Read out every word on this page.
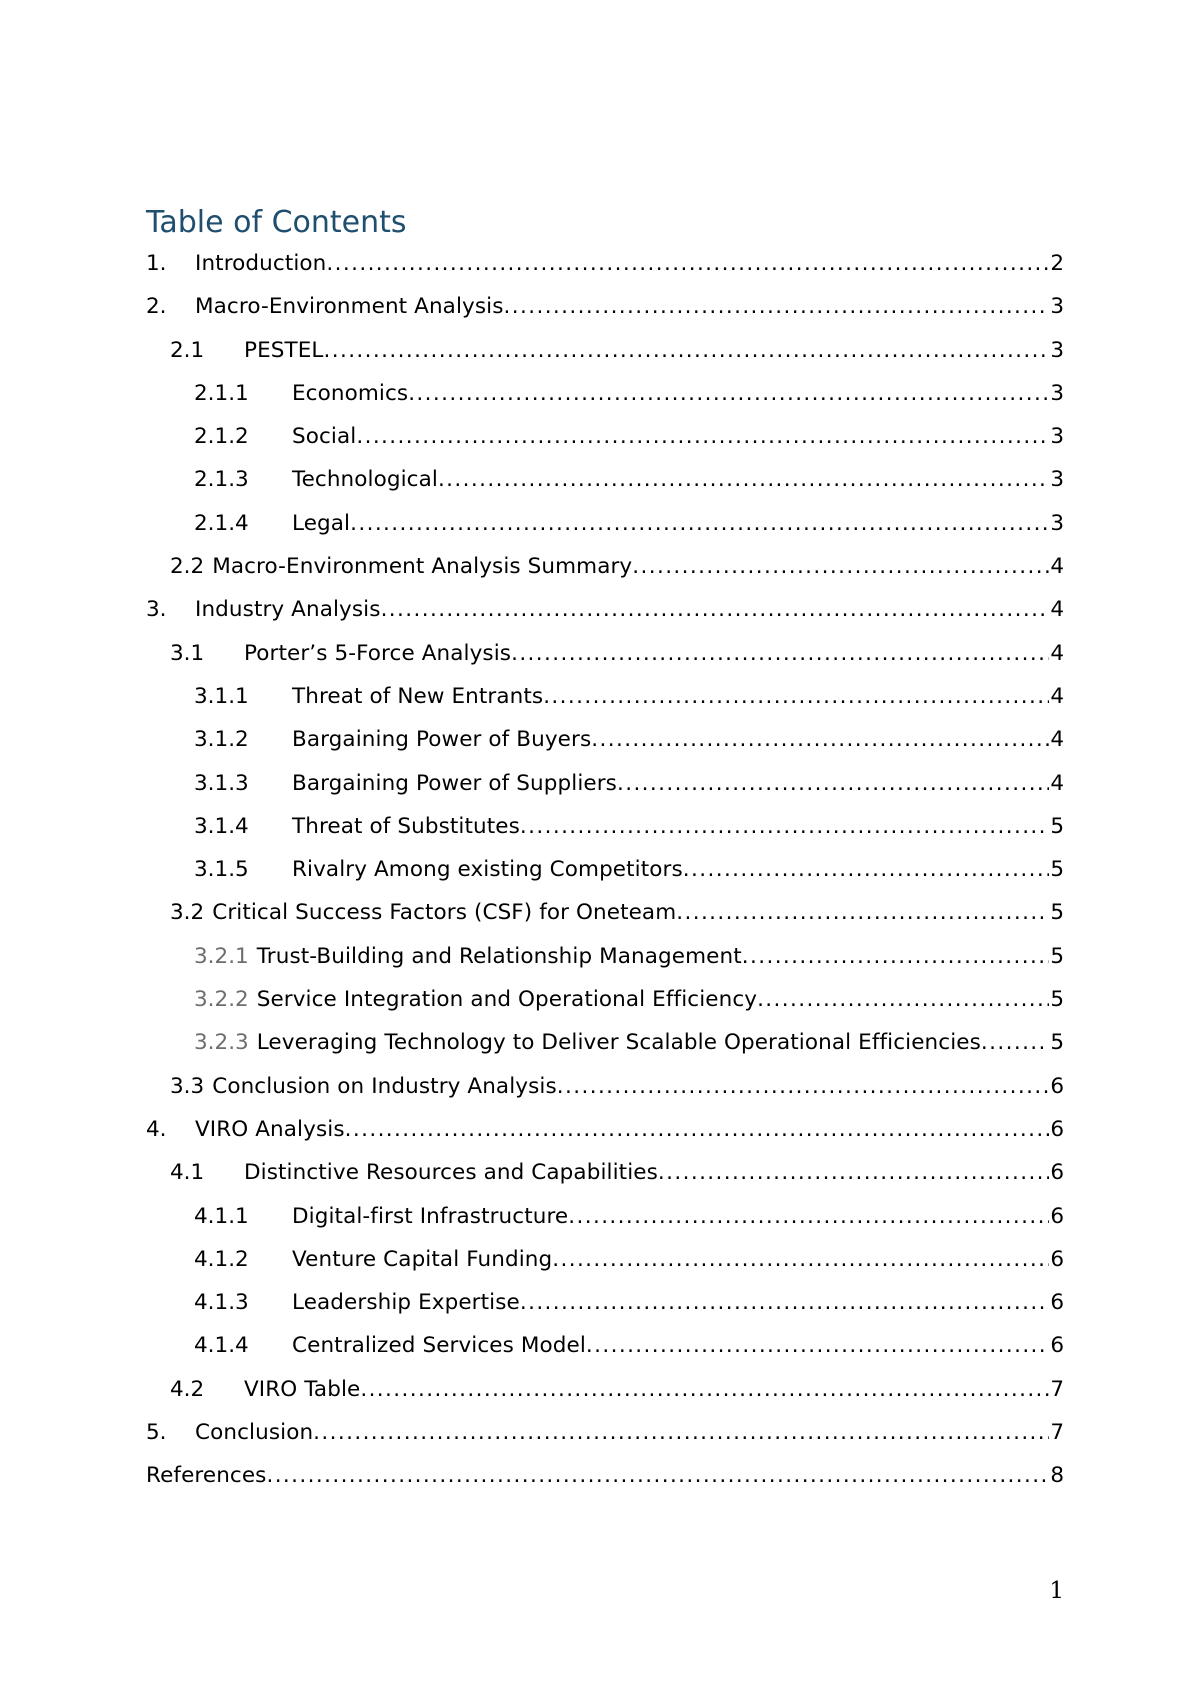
Table of Contents
1.	Introduction .....	2
2.	Macro-Environment Analysis .....	3
2.1	PESTEL .....	3
2.1.1	Economics .....	3
2.1.2	Social .....	3
2.1.3	Technological .....	3
2.1.4	Legal .....	3
2.2 Macro-Environment Analysis Summary .....	4
3.	Industry Analysis .....	4
3.1	Porter’s 5-Force Analysis .....	4
3.1.1	Threat of New Entrants .....	4
3.1.2	Bargaining Power of Buyers .....	4
3.1.3	Bargaining Power of Suppliers .....	4
3.1.4	Threat of Substitutes .....	5
3.1.5	Rivalry Among existing Competitors .....	5
3.2 Critical Success Factors (CSF) for Oneteam .....	5
3.2.1 Trust-Building and Relationship Management .....	5
3.2.2 Service Integration and Operational Efficiency .....	5
3.2.3 Leveraging Technology to Deliver Scalable Operational Efficiencies .....	5
3.3 Conclusion on Industry Analysis .....	6
4.	VIRO Analysis .....	6
4.1	Distinctive Resources and Capabilities .....	6
4.1.1	Digital-first Infrastructure .....	6
4.1.2	Venture Capital Funding .....	6
4.1.3	Leadership Expertise .....	6
4.1.4	Centralized Services Model .....	6
4.2	VIRO Table .....	7
5.	Conclusion .....	7
References .....	8
1
